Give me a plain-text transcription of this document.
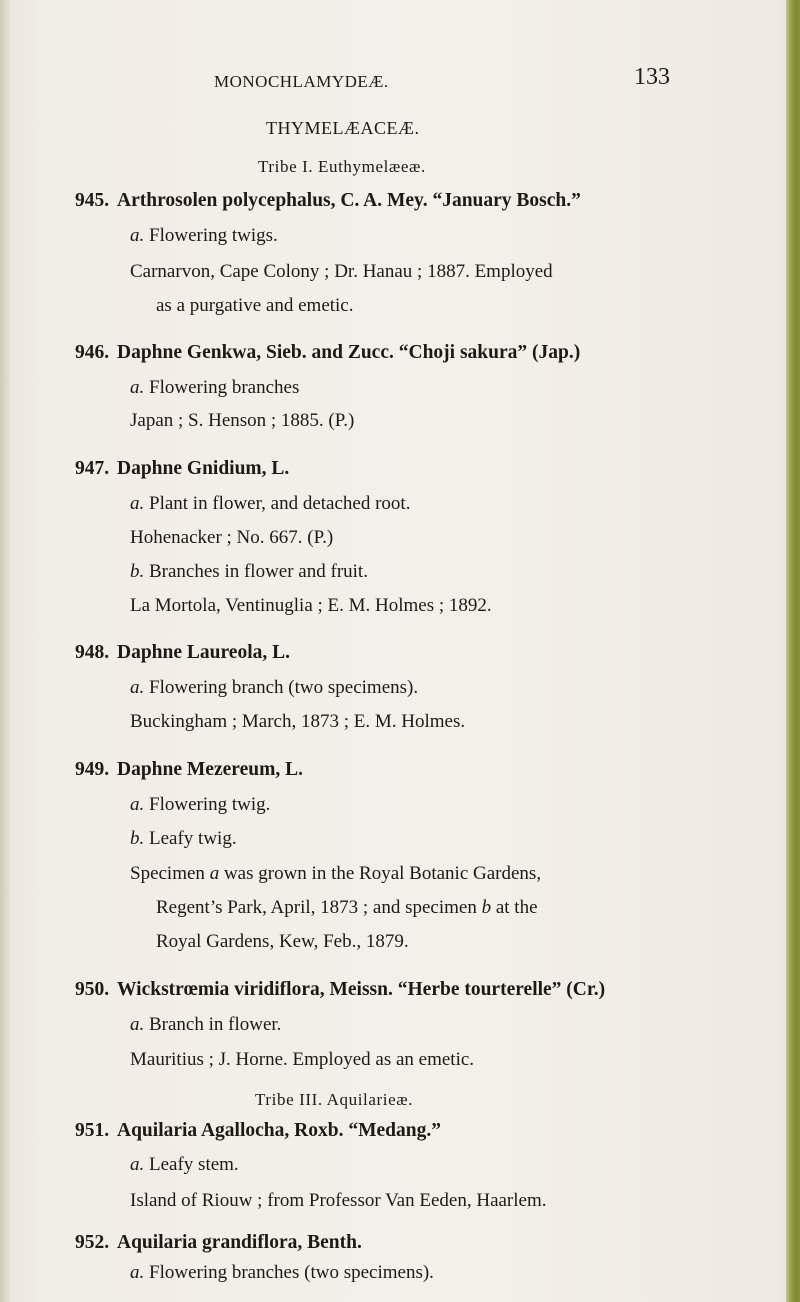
MONOCHLAMYDEÆ.	133
THYMELÆACEÆ.
Tribe I. Euthymelæeæ.
945. Arthrosolen polycephalus, C. A. Mey. “January Bosch.”
a. Flowering twigs.
Carnarvon, Cape Colony ; Dr. Hanau ; 1887. Employed
as a purgative and emetic.
946. Daphne Genkwa, Sieb. and Zucc. “Choji sakura” (Jap.)
a. Flowering branches
Japan ; S. Henson ; 1885. (P.)
947. Daphne Gnidium, L.
a. Plant in flower, and detached root.
Hohenacker ; No. 667. (P.)
b. Branches in flower and fruit.
La Mortola, Ventinuglia ; E. M. Holmes ; 1892.
948. Daphne Laureola, L.
a. Flowering branch (two specimens).
Buckingham ; March, 1873 ; E. M. Holmes.
949. Daphne Mezereum, L.
a. Flowering twig.
b. Leafy twig.
Specimen a was grown in the Royal Botanic Gardens,
Regent’s Park, April, 1873 ; and specimen b at the
Royal Gardens, Kew, Feb., 1879.
950. Wickstrœmia viridiflora, Meissn. “Herbe tourterelle” (Cr.)
a. Branch in flower.
Mauritius ; J. Horne. Employed as an emetic.
Tribe III. Aquilarieæ.
951. Aquilaria Agallocha, Roxb. “Medang.”
a. Leafy stem.
Island of Riouw ; from Professor Van Eeden, Haarlem.
952. Aquilaria grandiflora, Benth.
a. Flowering branches (two specimens).
